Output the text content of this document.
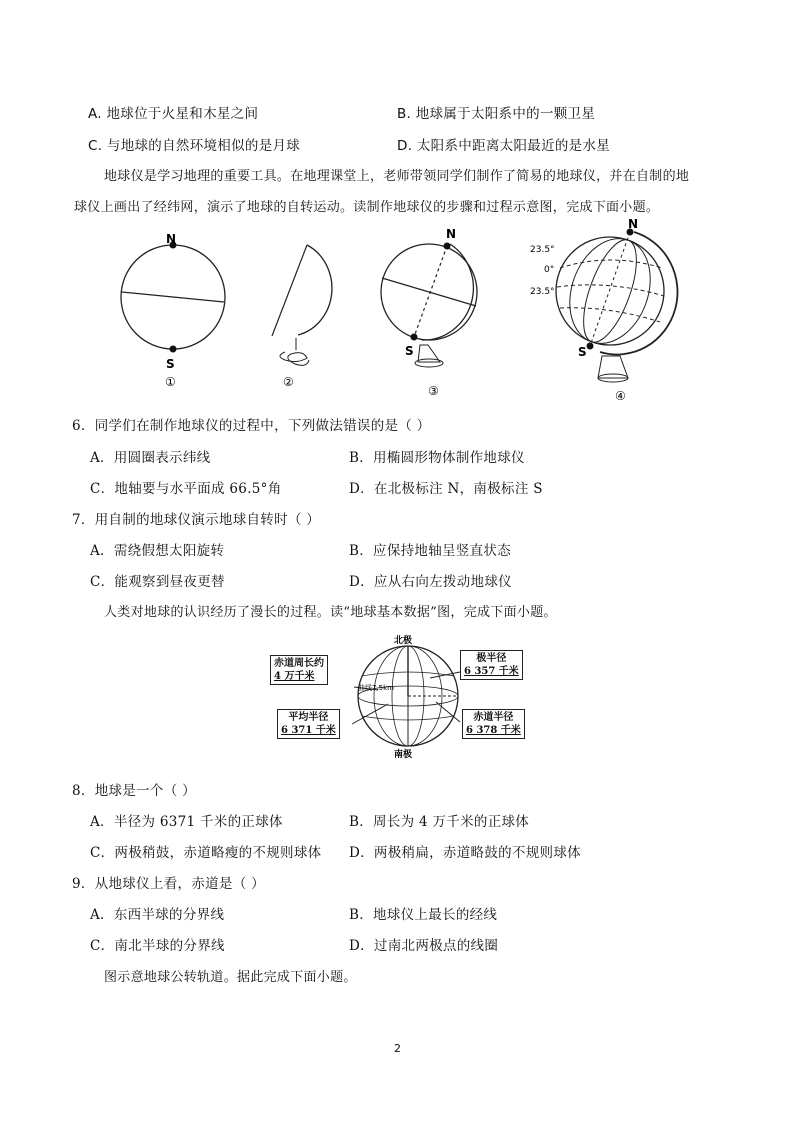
A. 地球位于火星和木星之间	B. 地球属于太阳系中的一颗卫星
C. 与地球的自然环境相似的是月球	D. 太阳系中距离太阳最近的是水星
地球仪是学习地理的重要工具。在地理课堂上，老师带领同学们制作了简易的地球仪，并在自制的地
球仪上画出了经纬网，演示了地球的自转运动。读制作地球仪的步骤和过程示意图，完成下面小题。
N
S
①	②
N
S
③
N
S
23.5°
0°
23.5°
④
6．同学们在制作地球仪的过程中，下列做法错误的是（ ）
A．用圆圈表示纬线	B．用椭圆形物体制作地球仪
C．地轴要与水平面成 66.5°角	D．在北极标注 N，南极标注 S
7．用自制的地球仪演示地球自转时（ ）
A．需绕假想太阳旋转	B．应保持地轴呈竖直状态
C．能观察到昼夜更替	D．应从右向左拨动地球仪
人类对地球的认识经历了漫长的过程。读“地球基本数据”图，完成下面小题。
北极
南极
曲线7.5km
赤道周长约
4 万千米
平均半径
6 371 千米
极半径
6 357 千米
赤道半径
6 378 千米
8．地球是一个（ ）
A．半径为 6371 千米的正球体	B．周长为 4 万千米的正球体
C．两极稍鼓，赤道略瘦的不规则球体 D．两极稍扁，赤道略鼓的不规则球体
9．从地球仪上看，赤道是（ ）
A．东西半球的分界线	B．地球仪上最长的经线
C．南北半球的分界线	D．过南北两极点的线圈
图示意地球公转轨道。据此完成下面小题。
2
